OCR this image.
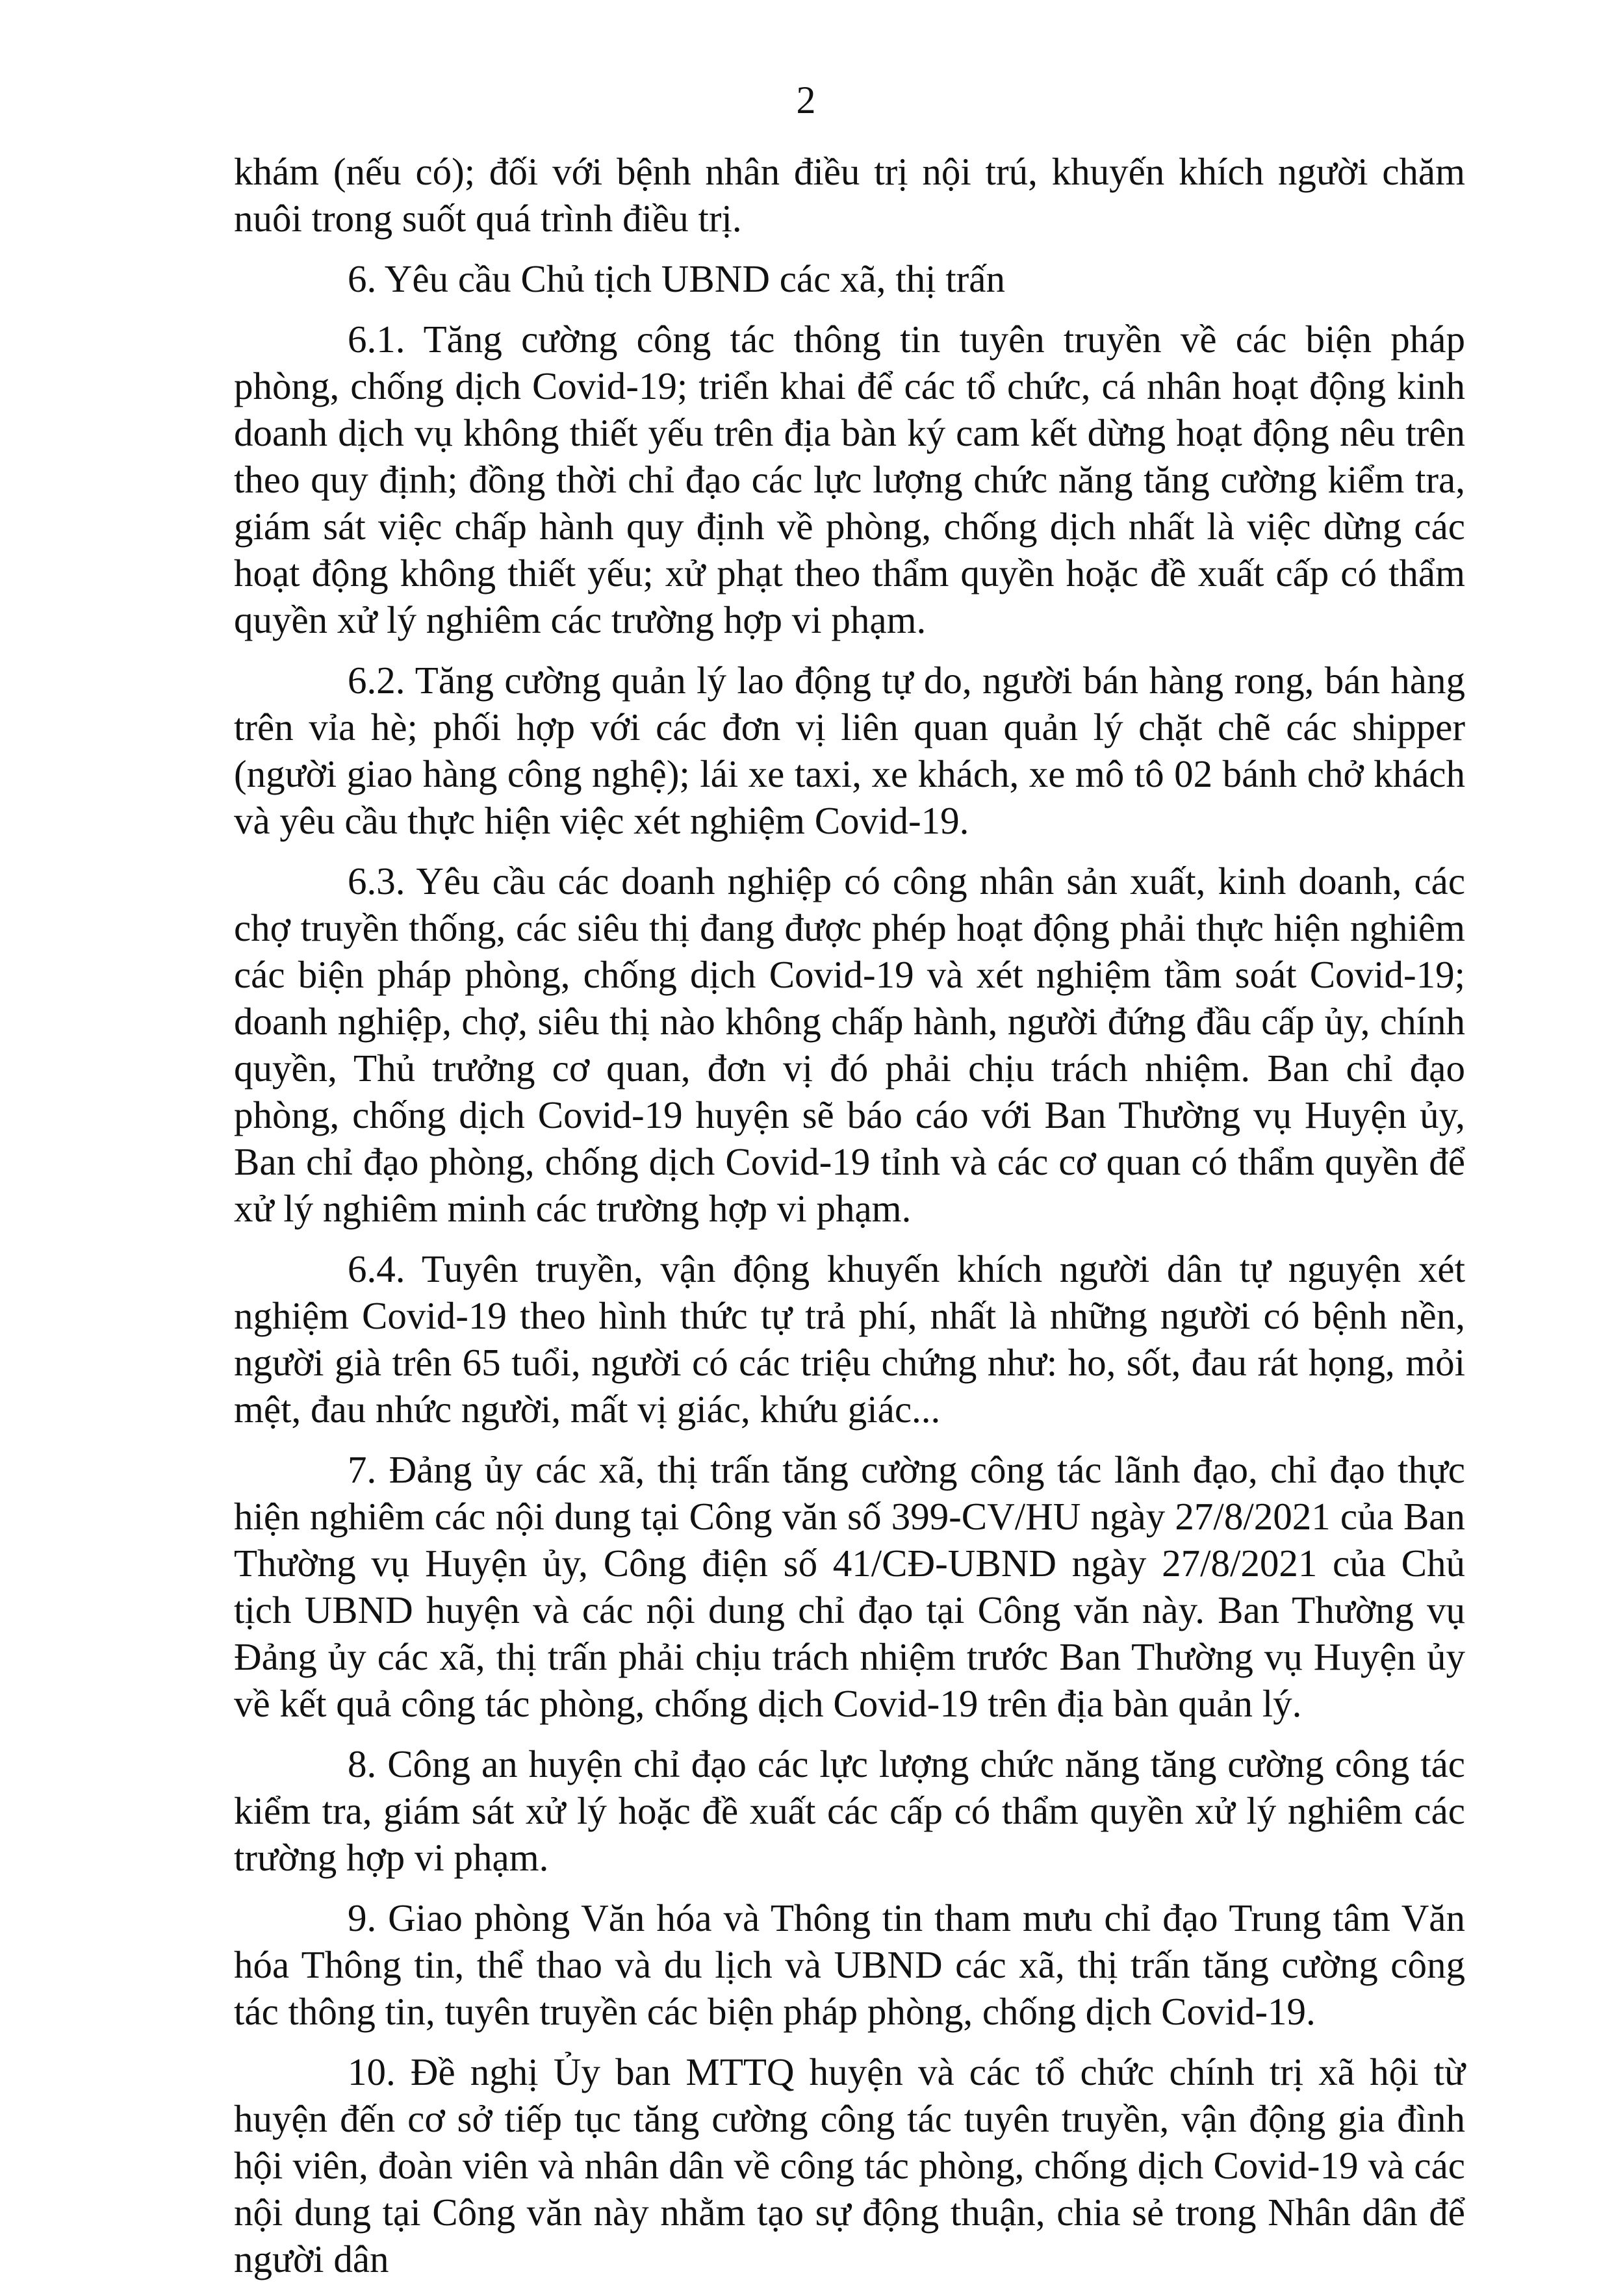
2

khám (nếu có); đối với bệnh nhân điều trị nội trú, khuyến khích người chăm nuôi trong suốt quá trình điều trị.

6. Yêu cầu Chủ tịch UBND các xã, thị trấn

6.1. Tăng cường công tác thông tin tuyên truyền về các biện pháp phòng, chống dịch Covid-19; triển khai để các tổ chức, cá nhân hoạt động kinh doanh dịch vụ không thiết yếu trên địa bàn ký cam kết dừng hoạt động nêu trên theo quy định; đồng thời chỉ đạo các lực lượng chức năng tăng cường kiểm tra, giám sát việc chấp hành quy định về phòng, chống dịch nhất là việc dừng các hoạt động không thiết yếu; xử phạt theo thẩm quyền hoặc đề xuất cấp có thẩm quyền xử lý nghiêm các trường hợp vi phạm.

6.2. Tăng cường quản lý lao động tự do, người bán hàng rong, bán hàng trên vỉa hè; phối hợp với các đơn vị liên quan quản lý chặt chẽ các shipper (người giao hàng công nghệ); lái xe taxi, xe khách, xe mô tô 02 bánh chở khách và yêu cầu thực hiện việc xét nghiệm Covid-19.

6.3. Yêu cầu các doanh nghiệp có công nhân sản xuất, kinh doanh, các chợ truyền thống, các siêu thị đang được phép hoạt động phải thực hiện nghiêm các biện pháp phòng, chống dịch Covid-19 và xét nghiệm tầm soát Covid-19; doanh nghiệp, chợ, siêu thị nào không chấp hành, người đứng đầu cấp ủy, chính quyền, Thủ trưởng cơ quan, đơn vị đó phải chịu trách nhiệm. Ban chỉ đạo phòng, chống dịch Covid-19 huyện sẽ báo cáo với Ban Thường vụ Huyện ủy, Ban chỉ đạo phòng, chống dịch Covid-19 tỉnh và các cơ quan có thẩm quyền để xử lý nghiêm minh các trường hợp vi phạm.

6.4. Tuyên truyền, vận động khuyến khích người dân tự nguyện xét nghiệm Covid-19 theo hình thức tự trả phí, nhất là những người có bệnh nền, người già trên 65 tuổi, người có các triệu chứng như: ho, sốt, đau rát họng, mỏi mệt, đau nhức người, mất vị giác, khứu giác...

7. Đảng ủy các xã, thị trấn tăng cường công tác lãnh đạo, chỉ đạo thực hiện nghiêm các nội dung tại Công văn số 399-CV/HU ngày 27/8/2021 của Ban Thường vụ Huyện ủy, Công điện số 41/CĐ-UBND ngày 27/8/2021 của Chủ tịch UBND huyện và các nội dung chỉ đạo tại Công văn này. Ban Thường vụ Đảng ủy các xã, thị trấn phải chịu trách nhiệm trước Ban Thường vụ Huyện ủy về kết quả công tác phòng, chống dịch Covid-19 trên địa bàn quản lý.

8. Công an huyện chỉ đạo các lực lượng chức năng tăng cường công tác kiểm tra, giám sát xử lý hoặc đề xuất các cấp có thẩm quyền xử lý nghiêm các trường hợp vi phạm.

9. Giao phòng Văn hóa và Thông tin tham mưu chỉ đạo Trung tâm Văn hóa Thông tin, thể thao và du lịch và UBND các xã, thị trấn tăng cường công tác thông tin, tuyên truyền các biện pháp phòng, chống dịch Covid-19.

10. Đề nghị Ủy ban MTTQ huyện và các tổ chức chính trị xã hội từ huyện đến cơ sở tiếp tục tăng cường công tác tuyên truyền, vận động gia đình hội viên, đoàn viên và nhân dân về công tác phòng, chống dịch Covid-19 và các nội dung tại Công văn này nhằm tạo sự động thuận, chia sẻ trong Nhân dân để người dân
